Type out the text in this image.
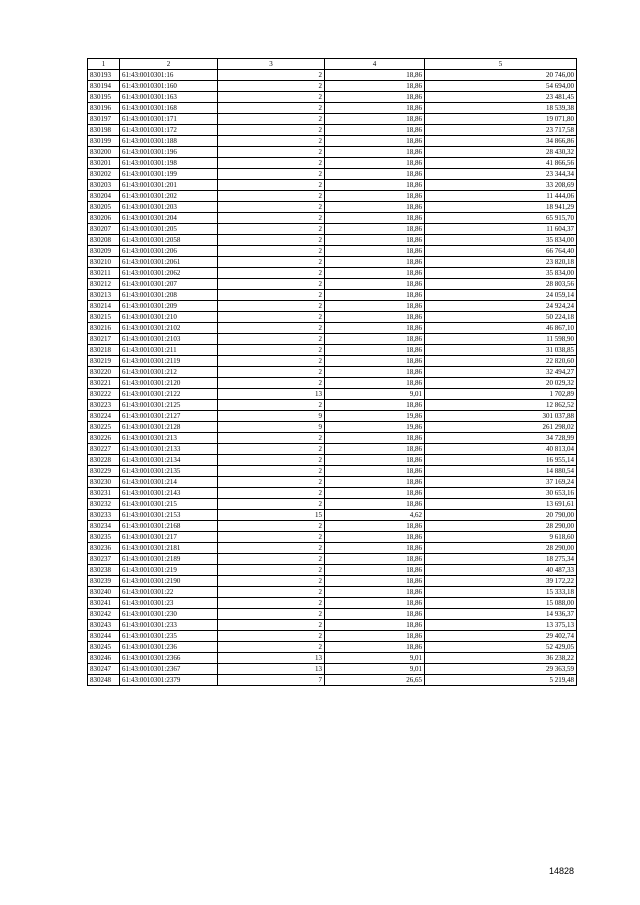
1	2	3	4	5
830193	61:43:0010301:16	2	18,86	20 746,00
830194	61:43:0010301:160	2	18,86	54 694,00
830195	61:43:0010301:163	2	18,86	23 481,45
830196	61:43:0010301:168	2	18,86	18 539,38
830197	61:43:0010301:171	2	18,86	19 071,80
830198	61:43:0010301:172	2	18,86	23 717,58
830199	61:43:0010301:188	2	18,86	34 866,86
830200	61:43:0010301:196	2	18,86	28 430,32
830201	61:43:0010301:198	2	18,86	41 866,56
830202	61:43:0010301:199	2	18,86	23 344,34
830203	61:43:0010301:201	2	18,86	33 208,69
830204	61:43:0010301:202	2	18,86	11 444,06
830205	61:43:0010301:203	2	18,86	18 941,29
830206	61:43:0010301:204	2	18,86	65 915,70
830207	61:43:0010301:205	2	18,86	11 604,37
830208	61:43:0010301:2058	2	18,86	35 834,00
830209	61:43:0010301:206	2	18,86	66 764,40
830210	61:43:0010301:2061	2	18,86	23 820,18
830211	61:43:0010301:2062	2	18,86	35 834,00
830212	61:43:0010301:207	2	18,86	28 803,56
830213	61:43:0010301:208	2	18,86	24 059,14
830214	61:43:0010301:209	2	18,86	24 924,24
830215	61:43:0010301:210	2	18,86	50 224,18
830216	61:43:0010301:2102	2	18,86	46 867,10
830217	61:43:0010301:2103	2	18,86	11 598,90
830218	61:43:0010301:211	2	18,86	31 038,85
830219	61:43:0010301:2119	2	18,86	22 820,60
830220	61:43:0010301:212	2	18,86	32 494,27
830221	61:43:0010301:2120	2	18,86	20 029,32
830222	61:43:0010301:2122	13	9,01	1 702,89
830223	61:43:0010301:2125	2	18,86	12 862,52
830224	61:43:0010301:2127	9	19,86	301 037,88
830225	61:43:0010301:2128	9	19,86	261 298,02
830226	61:43:0010301:213	2	18,86	34 728,99
830227	61:43:0010301:2133	2	18,86	40 813,04
830228	61:43:0010301:2134	2	18,86	16 955,14
830229	61:43:0010301:2135	2	18,86	14 880,54
830230	61:43:0010301:214	2	18,86	37 169,24
830231	61:43:0010301:2143	2	18,86	30 653,16
830232	61:43:0010301:215	2	18,86	13 691,61
830233	61:43:0010301:2153	15	4,62	20 790,00
830234	61:43:0010301:2168	2	18,86	28 290,00
830235	61:43:0010301:217	2	18,86	9 618,60
830236	61:43:0010301:2181	2	18,86	28 290,00
830237	61:43:0010301:2189	2	18,86	18 275,34
830238	61:43:0010301:219	2	18,86	40 487,33
830239	61:43:0010301:2190	2	18,86	39 172,22
830240	61:43:0010301:22	2	18,86	15 333,18
830241	61:43:0010301:23	2	18,86	15 088,00
830242	61:43:0010301:230	2	18,86	14 936,37
830243	61:43:0010301:233	2	18,86	13 375,13
830244	61:43:0010301:235	2	18,86	29 402,74
830245	61:43:0010301:236	2	18,86	52 429,05
830246	61:43:0010301:2366	13	9,01	36 238,22
830247	61:43:0010301:2367	13	9,01	29 363,59
830248	61:43:0010301:2379	7	26,65	5 219,48
14828
